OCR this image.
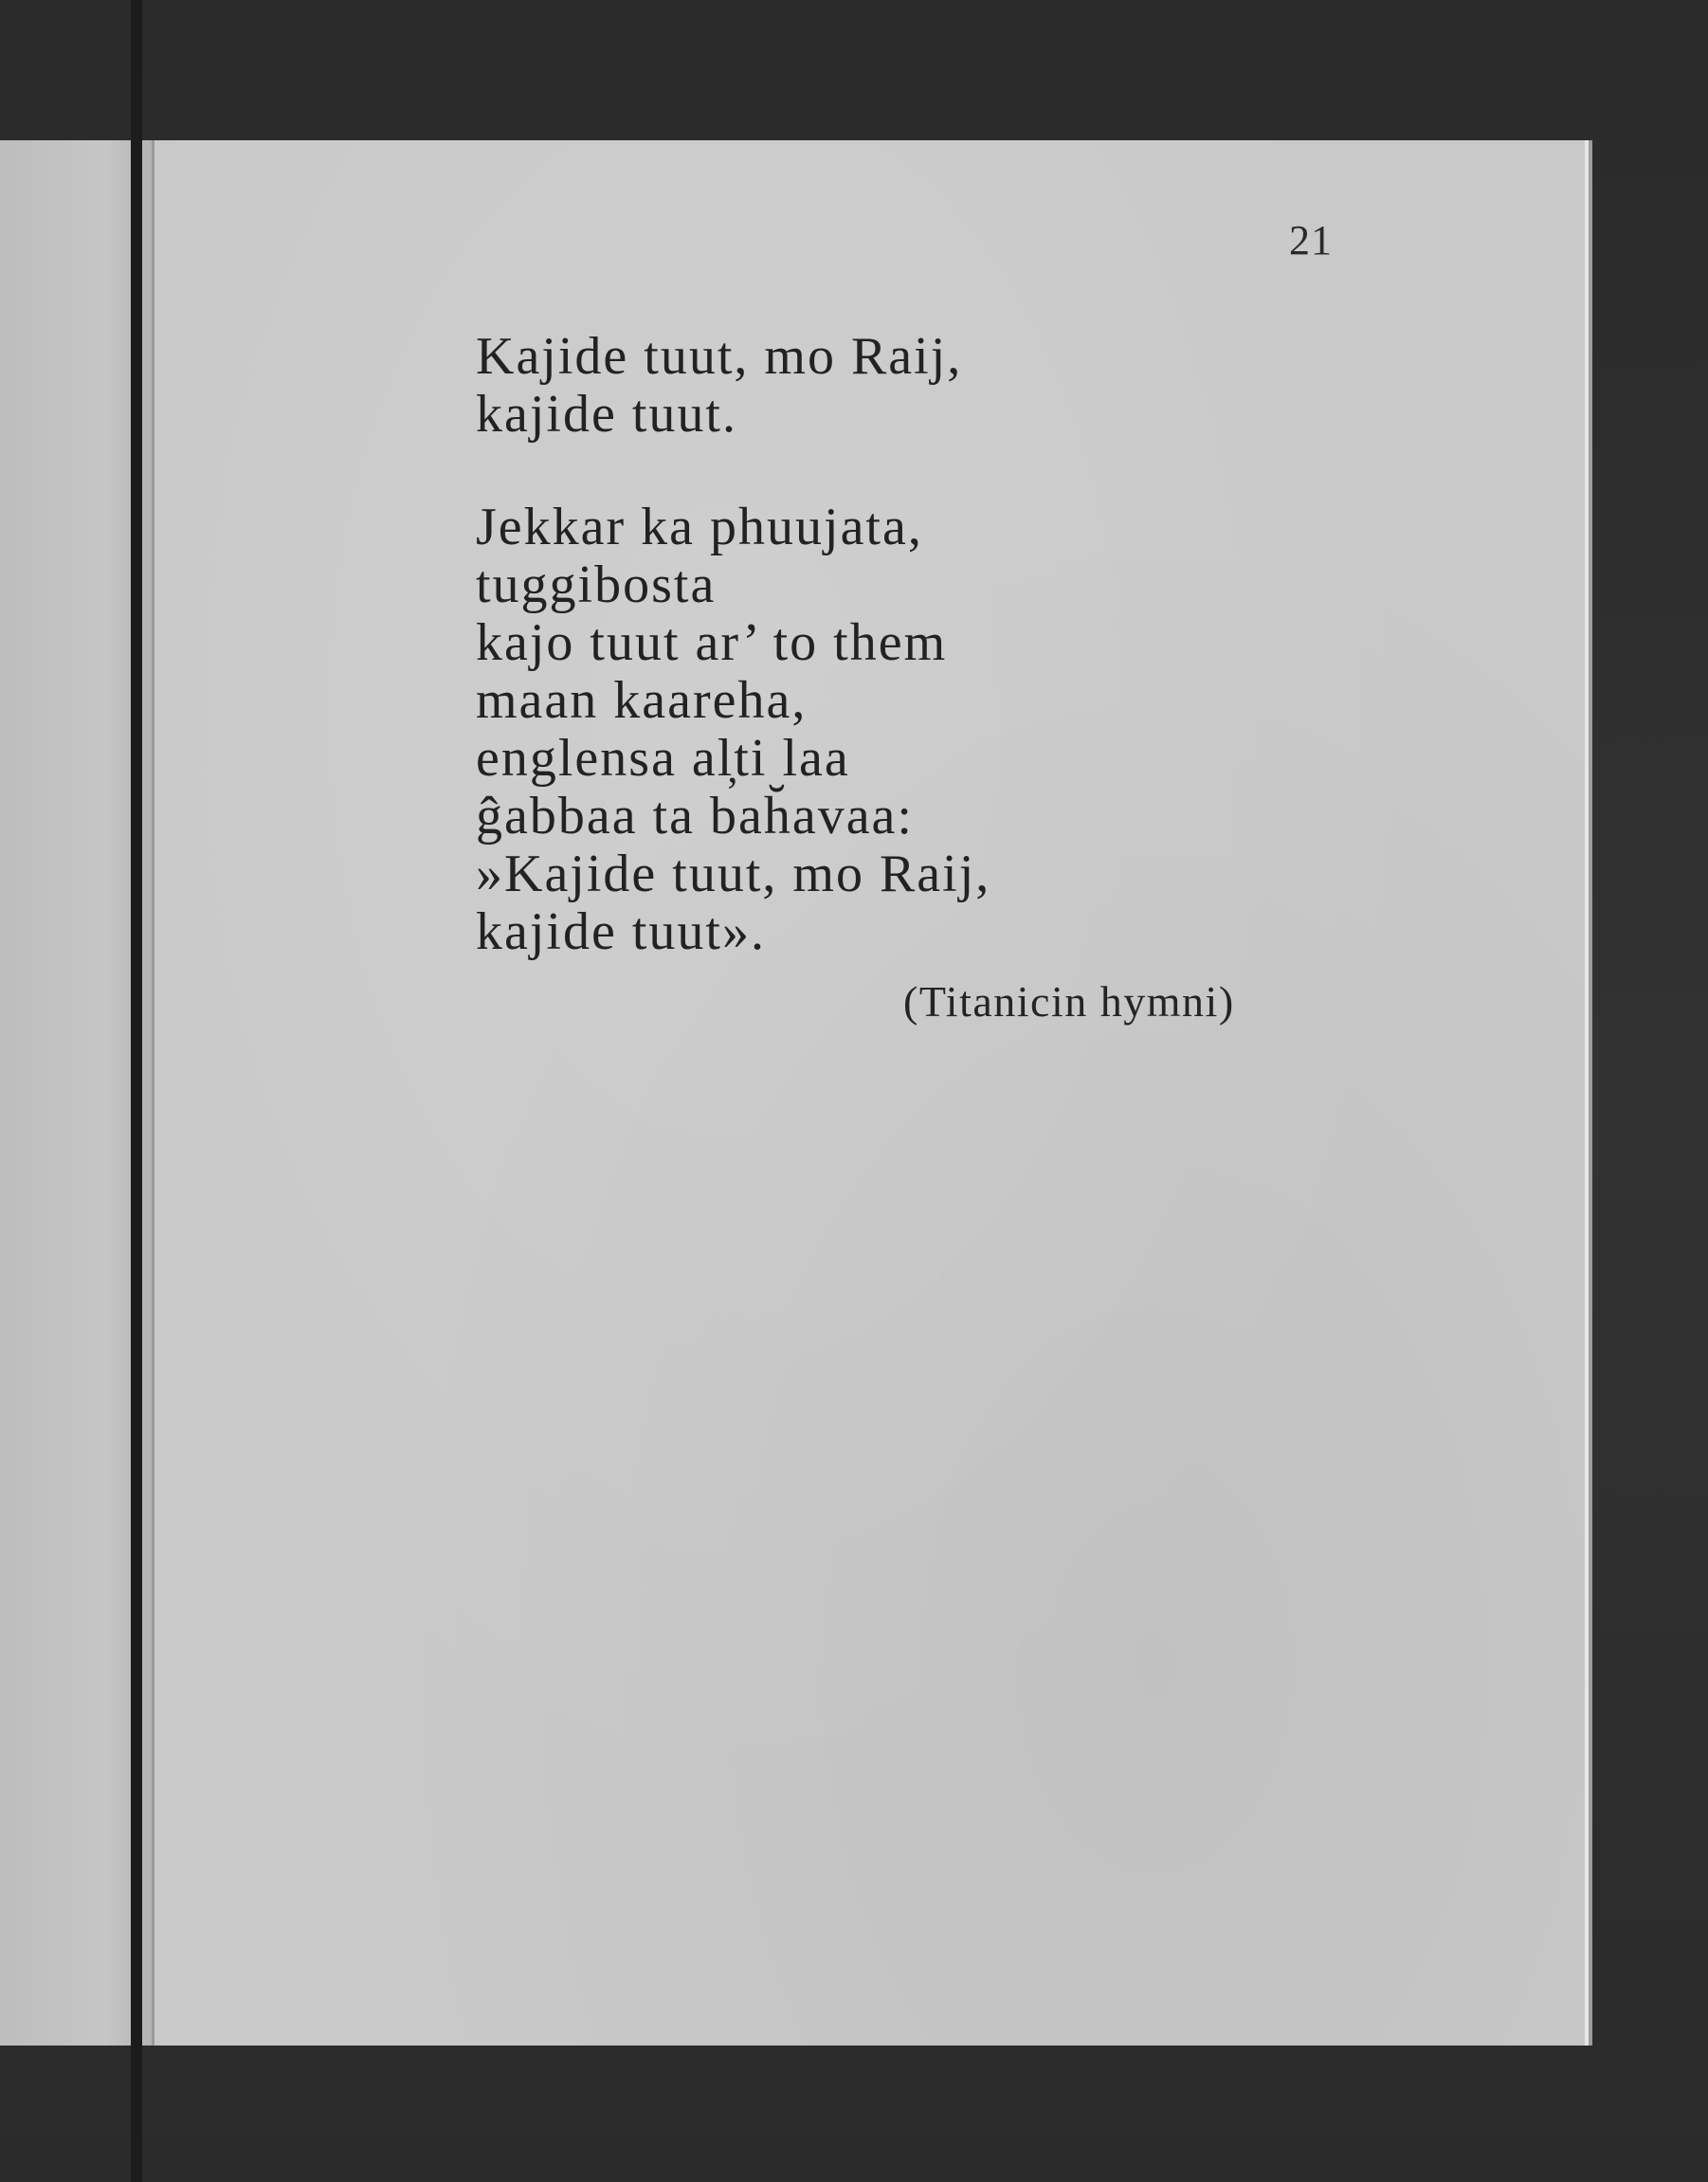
21

Kajide tuut, mo Raij,
kajide tuut.

Jekkar ka phuujata,
tuggibosta
kajo tuut ar’ to them
maan kaareha,
englensa al̦ti laa
ĝabbaa ta bah̆avaa:
»Kajide tuut, mo Raij,
kajide tuut».

(Titanicin hymni)
